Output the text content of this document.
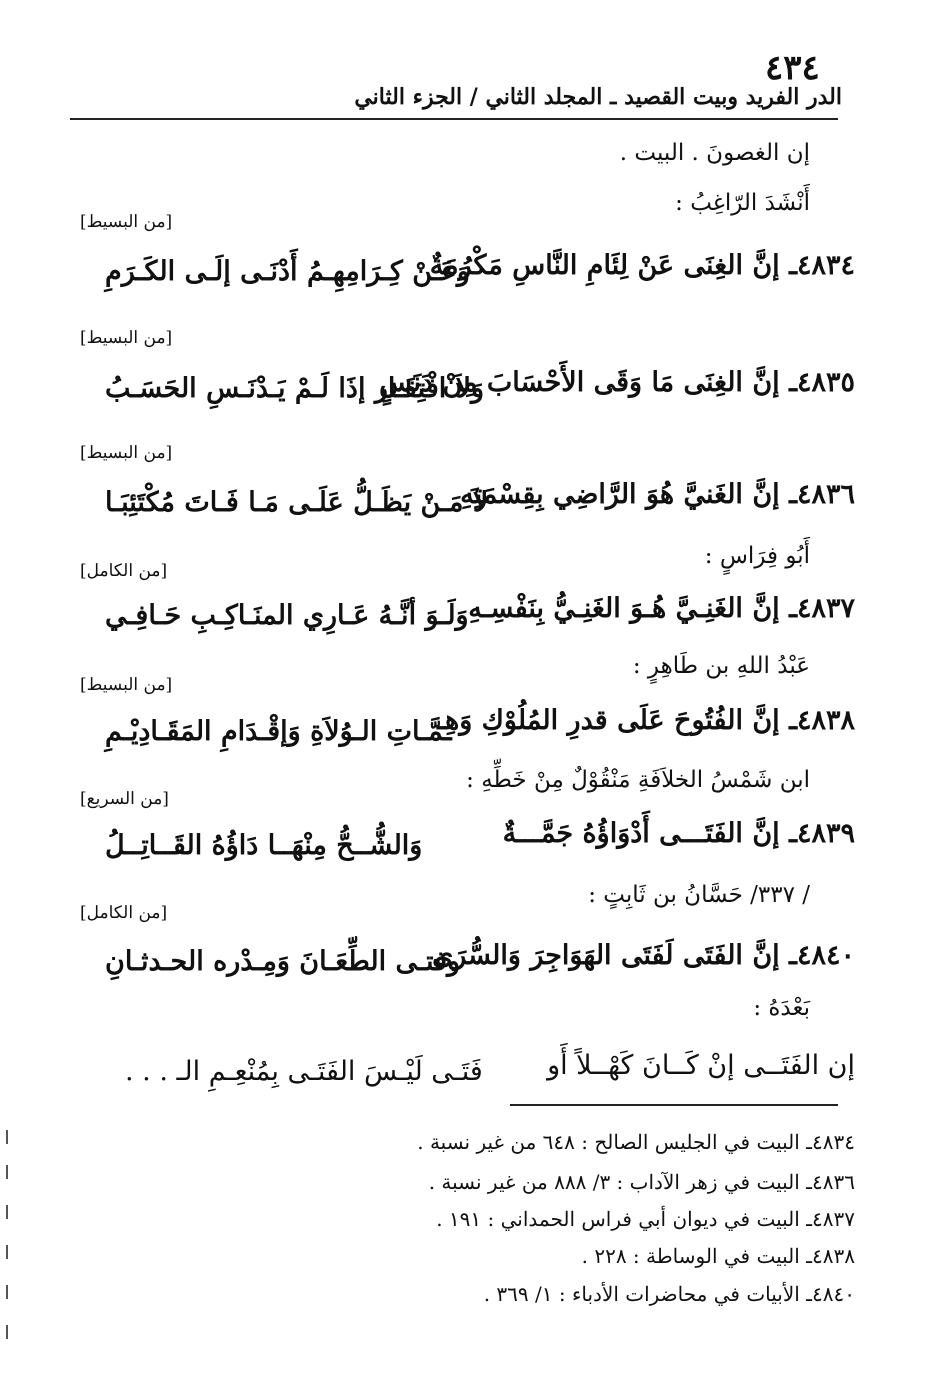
٤٣٤
الدر الفريد وبيت القصيد ـ المجلد الثاني / الجزء الثاني
إن الغصونَ . البيت .
أَنْشَدَ الرّاغِبُ :
[من البسيط]
٤٨٣٤ـ إنَّ الغِنَى عَنْ لِئَامِ النَّاسِ مَكْرُمَةٌ
وَعَـنْ كِـرَامِهِـمُ أَدْنَـى إلَـى الكَـرَمِ
[من البسيط]
٤٨٣٥ـ إنَّ الغِنَى مَا وَقَى الأَحْسَابَ مِنْ دَنَسٍ
وَلاَ افْتِقَـار إذَا لَـمْ يَـدْنَـسِ الحَسَـبُ
[من البسيط]
٤٨٣٦ـ إنَّ الغَنيَّ هُوَ الرَّاضِي بِقِسْمَتِهِ
لاَ مَـنْ يَظَـلُّ عَلَـى مَـا فَـاتَ مُكْتَئِبَـا
أَبُو فِرَاسٍ :
[من الكامل]
٤٨٣٧ـ إنَّ الغَنِـيَّ هُـوَ الغَنِـيُّ بِنَفْسِـهِ
وَلَـوَ أنَّـهُ عَـارِي المنَـاكِـبِ حَـافِـي
عَبْدُ اللهِ بن طَاهِرٍ :
[من البسيط]
٤٨٣٨ـ إنَّ الفُتُوحَ عَلَى قدرِ المُلُوْكِ وَهِـ
ـمَّـاتِ الـوُلاَةِ وَإقْـدَامِ المَقَـادِيْـمِ
ابن شَمْسُ الخلاَفَةِ مَنْقُوْلٌ مِنْ خَطِّهِ :
[من السريع]
٤٨٣٩ـ إنَّ الفَتَـــى أَدْوَاؤُهُ جَمَّـــةٌ
وَالشُّــحُّ مِنْهَــا دَاؤُهُ القَــاتِــلُ
/ ٣٣٧/ حَسَّانُ بن ثَابِتٍ :
[من الكامل]
٤٨٤٠ـ إنَّ الفَتَى لَفَتَى الهَوَاجِرَ وَالسُّرَى
وفتـى الطِّعَـانَ وَمِـدْره الحـدثـانِ
بَعْدَهُ :
إن الفَتَــى إنْ كَــانَ كَهْــلاً أَو
فَتَـى لَيْـسَ الفَتَـى بِمُنْعِـمِ الـ . . .
٤٨٣٤ـ البيت في الجليس الصالح : ٦٤٨ من غير نسبة .
٤٨٣٦ـ البيت في زهر الآداب : ٣/ ٨٨٨ من غير نسبة .
٤٨٣٧ـ البيت في ديوان أبي فراس الحمداني : ١٩١ .
٤٨٣٨ـ البيت في الوساطة : ٢٢٨ .
٤٨٤٠ـ الأبيات في محاضرات الأدباء : ١/ ٣٦٩ .
